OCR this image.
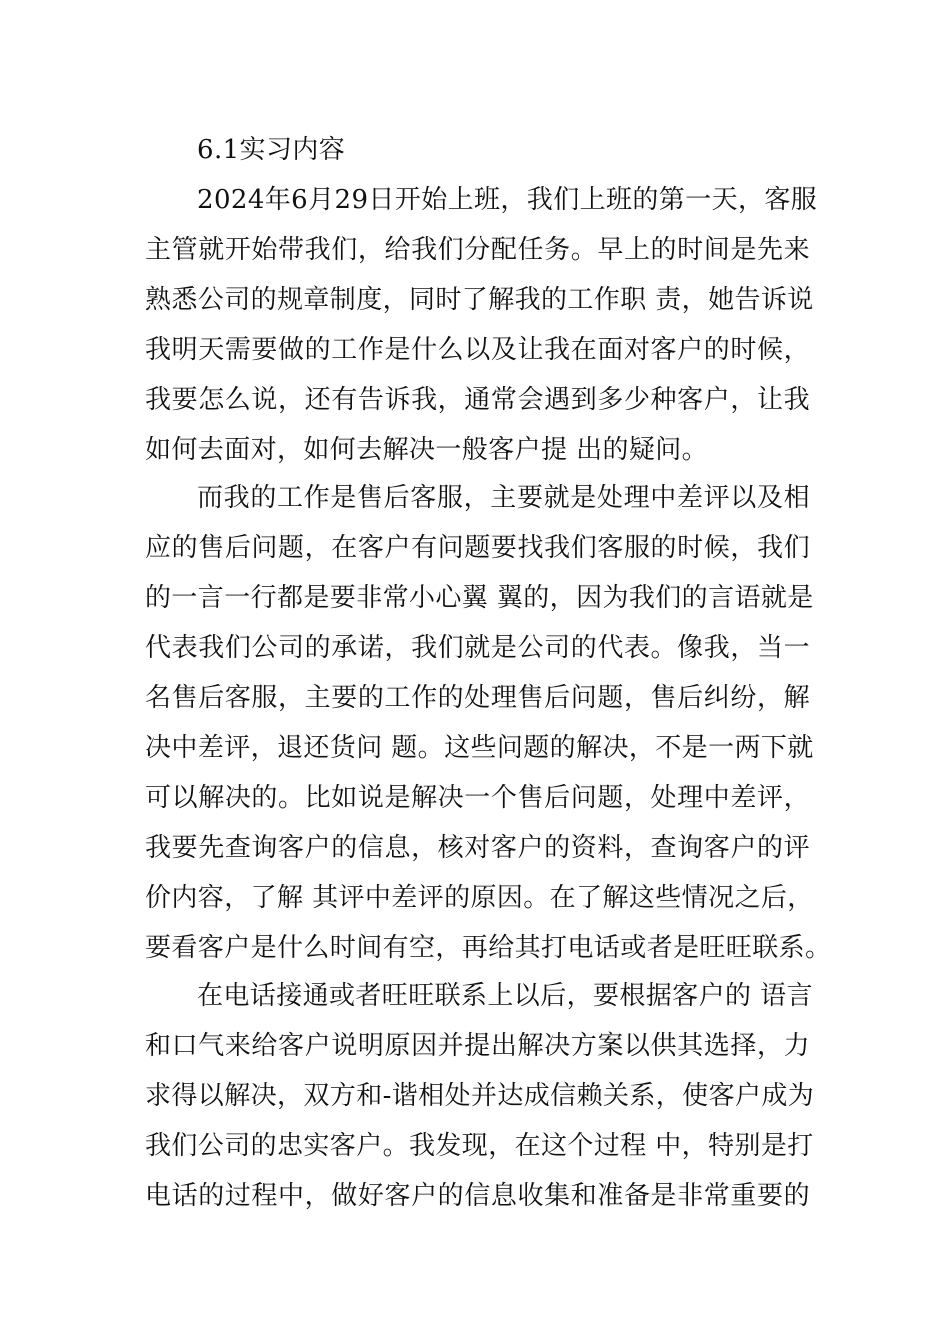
6.1实习内容
2024年6月29日开始上班，我们上班的第一天，客服
主管就开始带我们，给我们分配任务。早上的时间是先来
熟悉公司的规章制度，同时了解我的工作职 责，她告诉说
我明天需要做的工作是什么以及让我在面对客户的时候，
我要怎么说，还有告诉我，通常会遇到多少种客户，让我
如何去面对，如何去解决一般客户提 出的疑问。
而我的工作是售后客服，主要就是处理中差评以及相
应的售后问题，在客户有问题要找我们客服的时候，我们
的一言一行都是要非常小心翼 翼的，因为我们的言语就是
代表我们公司的承诺，我们就是公司的代表。像我，当一
名售后客服，主要的工作的处理售后问题，售后纠纷，解
决中差评，退还货问 题。这些问题的解决，不是一两下就
可以解决的。比如说是解决一个售后问题，处理中差评，
我要先查询客户的信息，核对客户的资料，查询客户的评
价内容，了解 其评中差评的原因。在了解这些情况之后，
要看客户是什么时间有空，再给其打电话或者是旺旺联系。
在电话接通或者旺旺联系上以后，要根据客户的 语言
和口气来给客户说明原因并提出解决方案以供其选择，力
求得以解决，双方和-谐相处并达成信赖关系，使客户成为
我们公司的忠实客户。我发现，在这个过程 中，特别是打
电话的过程中，做好客户的信息收集和准备是非常重要的
